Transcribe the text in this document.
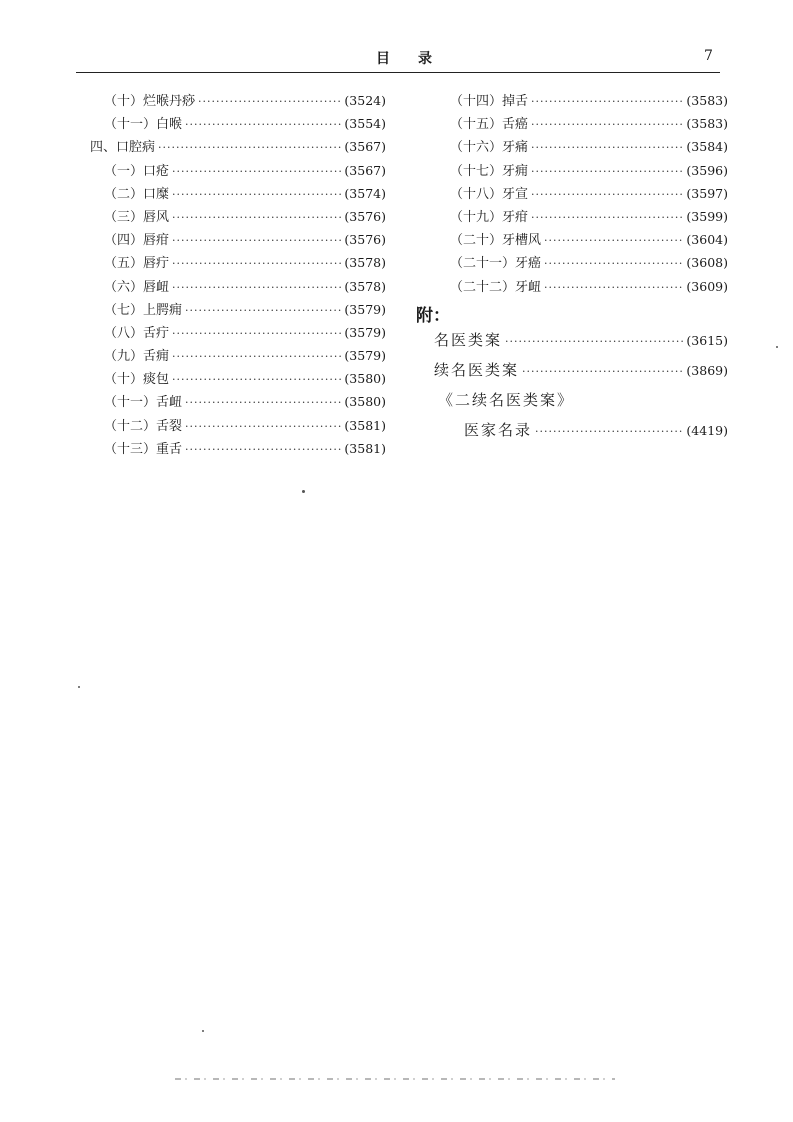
目录	7
（十）烂喉丹痧 ·····	(3524)
（十一）白喉 ·····	(3554)
四、口腔病 ·····	(3567)
（一）口疮 ·····	(3567)
（二）口糜 ·····	(3574)
（三）唇风 ·····	(3576)
（四）唇疳 ·····	(3576)
（五）唇疔 ·····	(3578)
（六）唇衄 ·····	(3578)
（七）上腭痈 ·····	(3579)
（八）舌疔 ·····	(3579)
（九）舌痈 ·····	(3579)
（十）痰包 ·····	(3580)
（十一）舌衄 ·····	(3580)
（十二）舌裂 ·····	(3581)
（十三）重舌 ·····	(3581)
（十四）掉舌 ·····	(3583)
（十五）舌癌 ·····	(3583)
（十六）牙痛 ·····	(3584)
（十七）牙痈 ·····	(3596)
（十八）牙宣 ·····	(3597)
（十九）牙疳 ·····	(3599)
（二十）牙槽风 ·····	(3604)
（二十一）牙癌 ·····	(3608)
（二十二）牙衄 ·····	(3609)
附：
名医类案 ·····	(3615)
续名医类案 ·····	(3869)
《二续名医类案》
医家名录 ·····	(4419)
